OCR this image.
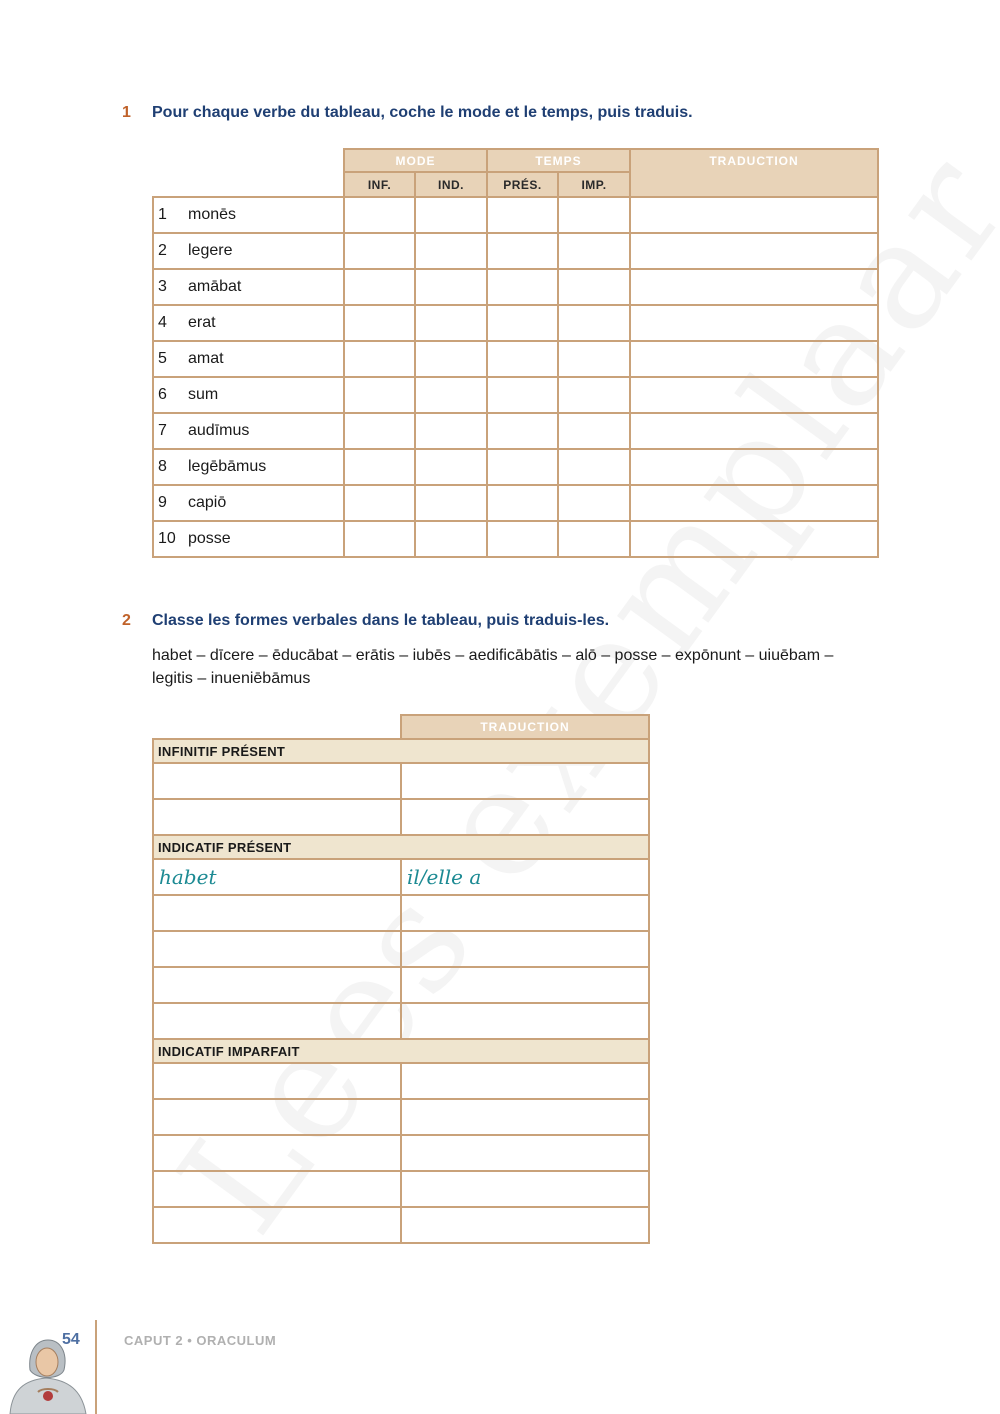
1 Pour chaque verbe du tableau, coche le mode et le temps, puis traduis.
	MODE		TEMPS		TRADUCTION
	INF.	IND.	PRÉS.	IMP.	
1 monēs					
2 legere					
3 amābat					
4 erat					
5 amat					
6 sum					
7 audīmus					
8 legēbāmus					
9 capiō					
10 posse					
2 Classe les formes verbales dans le tableau, puis traduis-les.
habet – dīcere – ēducābat – erātis – iubēs – aedificābātis – alō – posse – expōnunt – uiuēbam – legitis – inueniēbāmus
	TRADUCTION
INFINITIF PRÉSENT	

INDICATIF PRÉSENT	
habet	il/elle a

INDICATIF IMPARFAIT	

54	CAPUT 2 • ORACULUM
